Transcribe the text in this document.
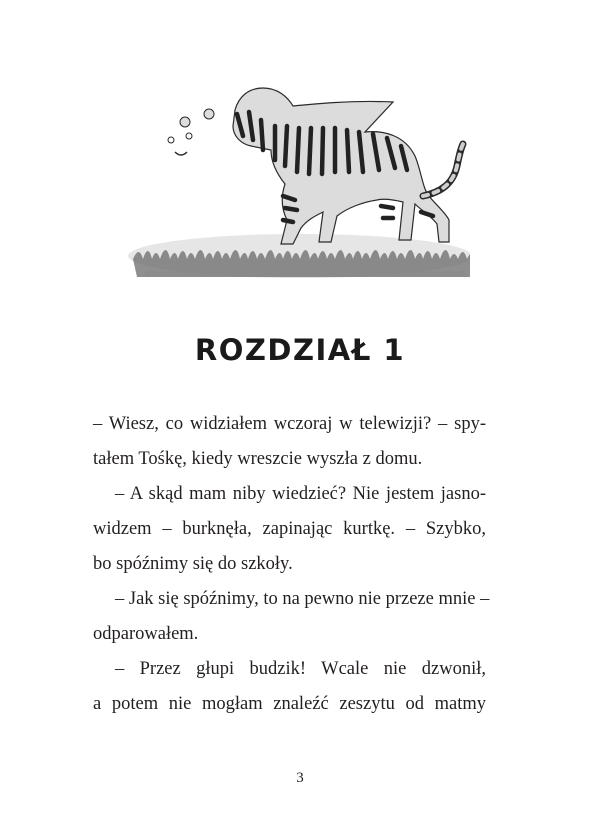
ROZDZIAŁ 1
– Wiesz, co widziałem wczoraj w telewizji? – spy-
tałem Tośkę, kiedy wreszcie wyszła z domu.
– A skąd mam niby wiedzieć? Nie jestem jasno-
widzem – burknęła, zapinając kurtkę. – Szybko,
bo spóźnimy się do szkoły.
– Jak się spóźnimy, to na pewno nie przeze mnie –
odparowałem.
– Przez głupi budzik! Wcale nie dzwonił,
a potem nie mogłam znaleźć zeszytu od matmy
3
